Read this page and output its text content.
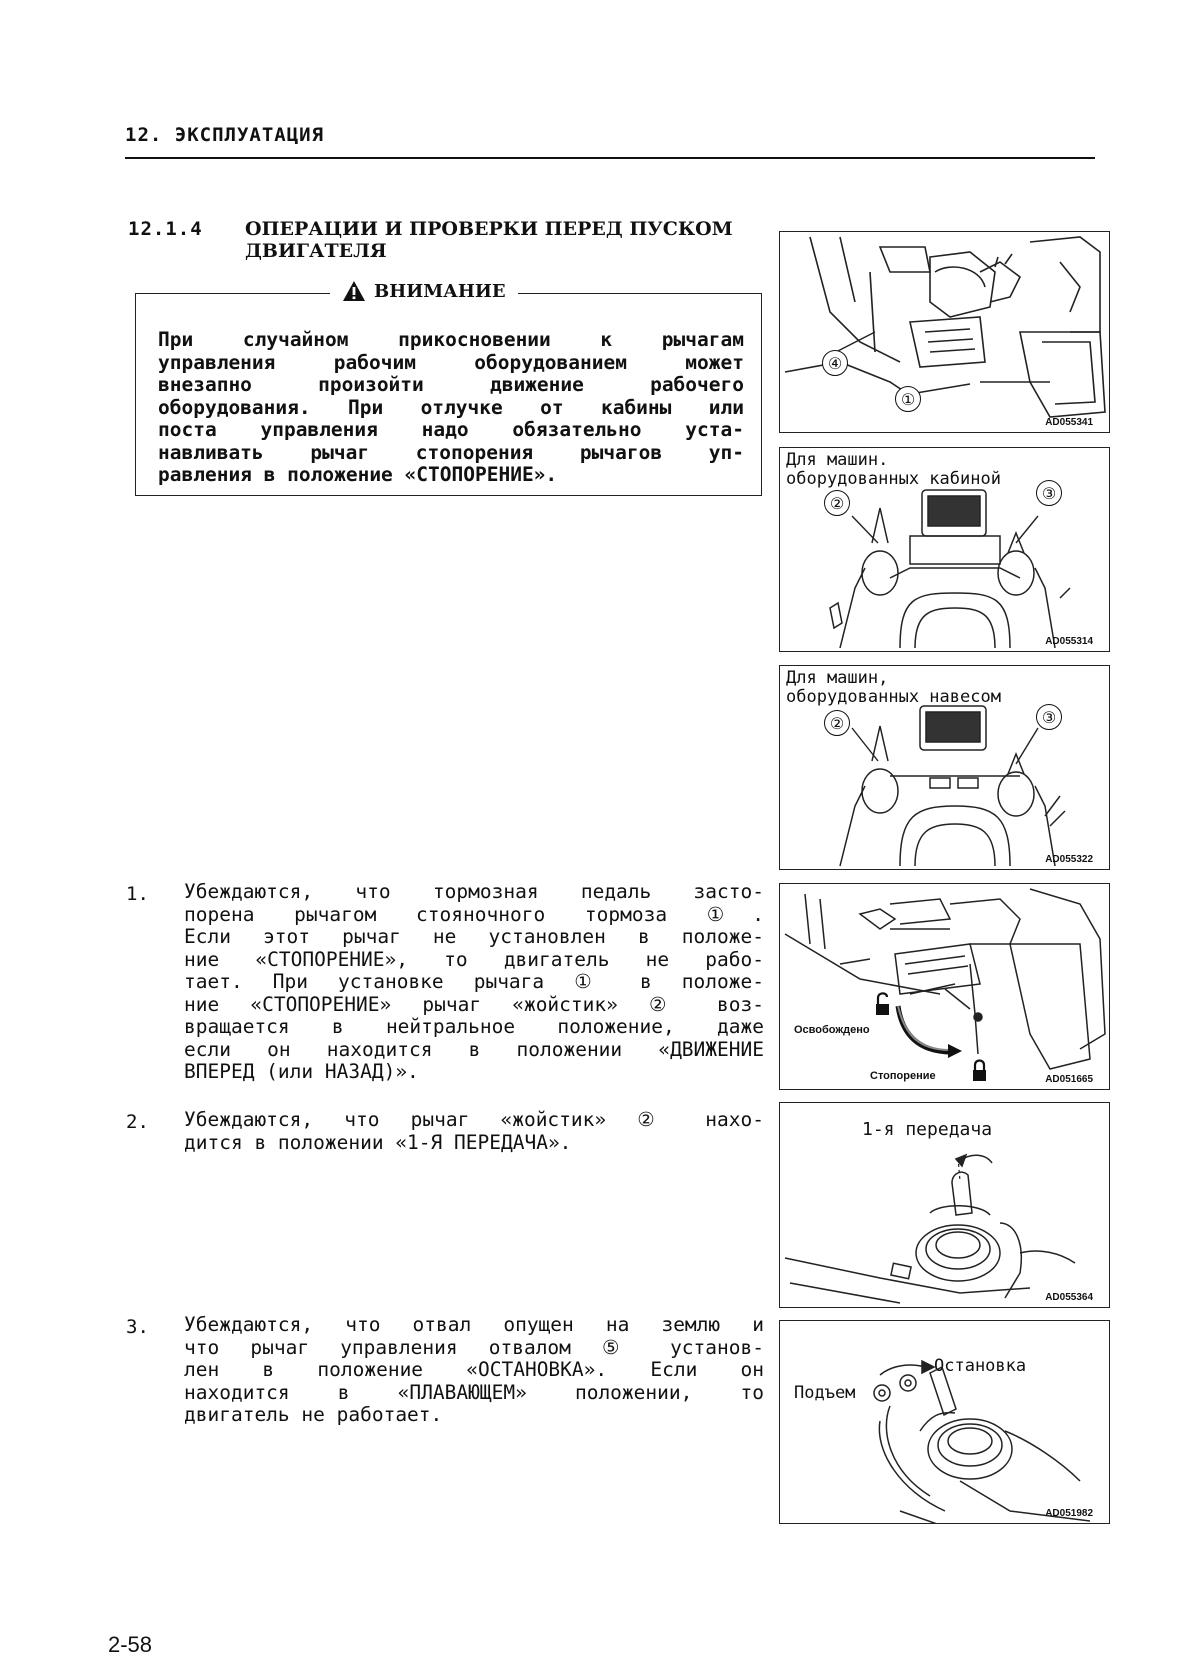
12. ЭКСПЛУАТАЦИЯ
12.1.4 ОПЕРАЦИИ И ПРОВЕРКИ ПЕРЕД ПУСКОМ
ДВИГАТЕЛЯ
ВНИМАНИЕ
При случайном прикосновении к рычагам
управления рабочим оборудованием может
внезапно произойти движение рабочего
оборудования. При отлучке от кабины или
поста управления надо обязательно уста-
навливать рычаг стопорения рычагов уп-
равления в положение «СТОПОРЕНИЕ».
1. Убеждаются, что тормозная педаль засто-
порена рычагом стояночного тормоза ①.
Если этот рычаг не установлен в положе-
ние «СТОПОРЕНИЕ», то двигатель не рабо-
тает. При установке рычага ① в положе-
ние «СТОПОРЕНИЕ» рычаг «жойстик» ② воз-
вращается в нейтральное положение, даже
если он находится в положении «ДВИЖЕНИЕ
ВПЕРЕД (или НАЗАД)».
2. Убеждаются, что рычаг «жойстик» ② нахо-
дится в положении «1-Я ПЕРЕДАЧА».
3. Убеждаются, что отвал опущен на землю и
что рычаг управления отвалом ⑤ установ-
лен в положение «ОСТАНОВКА». Если он
находится в «ПЛАВАЮЩЕМ» положении, то
двигатель не работает.
④
①
AD055341
Для машин.
оборудованных кабиной
②
③
AD055314
Для машин,
оборудованных навесом
②	③
AD055322
Освобождено
Стопорение	AD051665
1-я передача
AD055364
Остановка
Подъем
AD051982
2-58
